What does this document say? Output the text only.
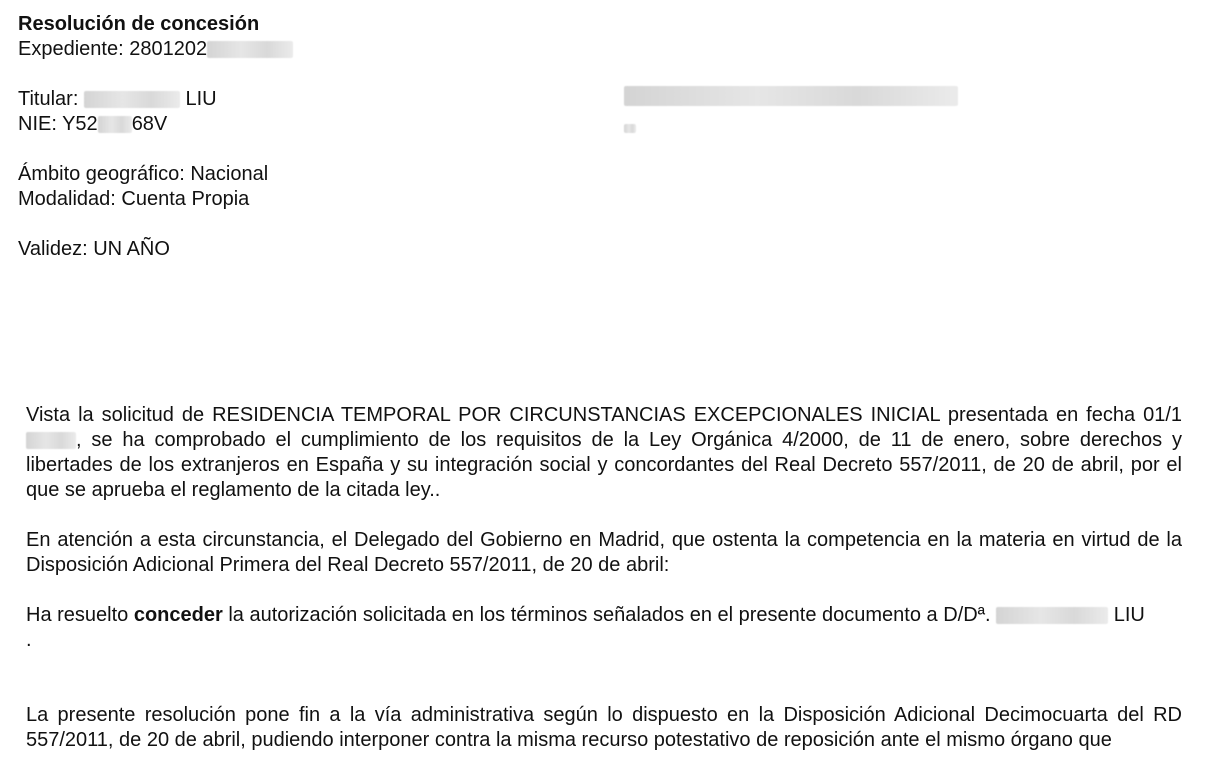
Resolución de concesión
Expediente: 2801202
Titular:	LIU
NIE: Y52 68V
Ámbito geográfico: Nacional
Modalidad: Cuenta Propia
Validez: UN AÑO

Vista la solicitud de RESIDENCIA TEMPORAL POR CIRCUNSTANCIAS EXCEPCIONALES INICIAL presentada en fecha 01/1, se ha comprobado el cumplimiento de los requisitos de la Ley Orgánica 4/2000, de 11 de enero, sobre derechos y libertades de los extranjeros en España y su integración social y concordantes del Real Decreto 557/2011, de 20 de abril, por el que se aprueba el reglamento de la citada ley..

En atención a esta circunstancia, el Delegado del Gobierno en Madrid, que ostenta la competencia en la materia en virtud de la Disposición Adicional Primera del Real Decreto 557/2011, de 20 de abril:

Ha resuelto conceder la autorización solicitada en los términos señalados en el presente documento a D/Dª.	LIU
.

La presente resolución pone fin a la vía administrativa según lo dispuesto en la Disposición Adicional Decimocuarta del RD 557/2011, de 20 de abril, pudiendo interponer contra la misma recurso potestativo de reposición ante el mismo órgano que
